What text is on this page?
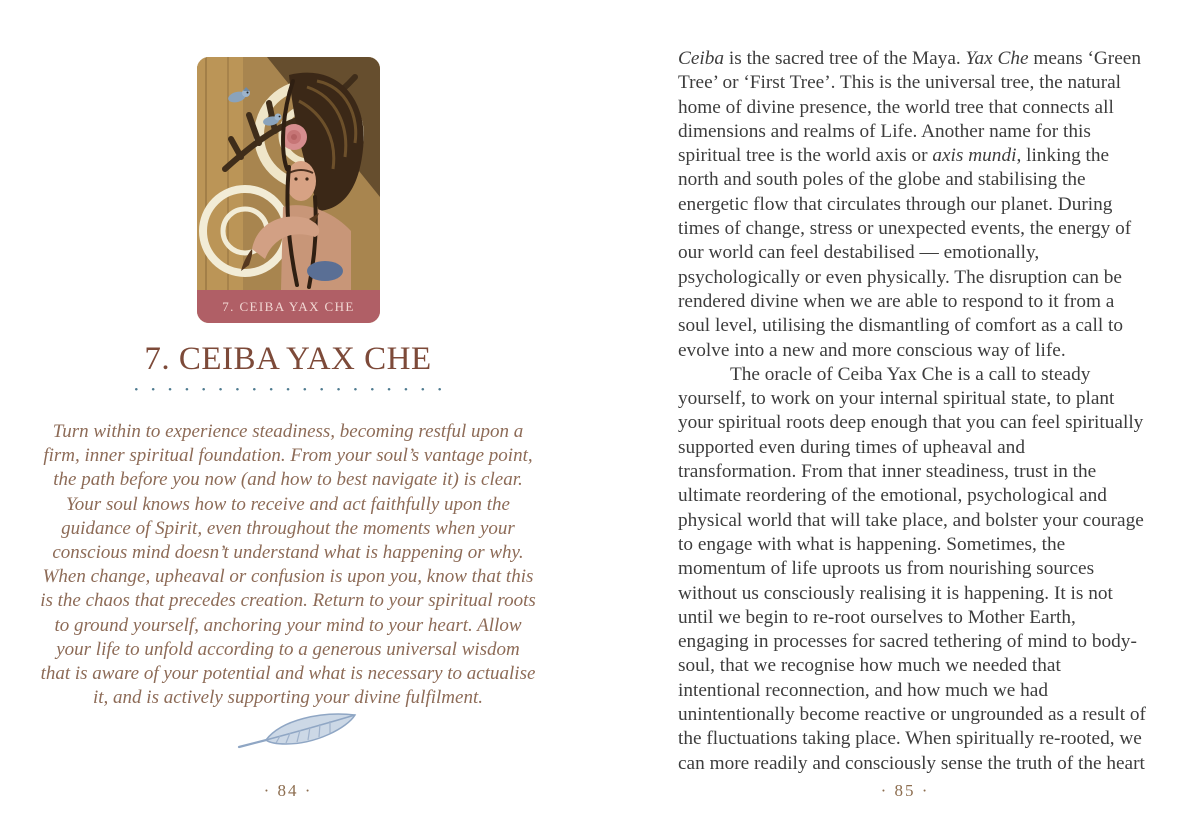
7. CEIBA YAX CHE
7. CEIBA YAX CHE
•••••••••••••••••••
Turn within to experience steadiness, becoming restful upon a firm, inner spiritual foundation. From your soul’s vantage point, the path before you now (and how to best navigate it) is clear. Your soul knows how to receive and act faithfully upon the guidance of Spirit, even throughout the moments when your conscious mind doesn’t understand what is happening or why. When change, upheaval or confusion is upon you, know that this is the chaos that precedes creation. Return to your spiritual roots to ground yourself, anchoring your mind to your heart. Allow your life to unfold according to a generous universal wisdom that is aware of your potential and what is necessary to actualise it, and is actively supporting your divine fulfilment.
· 84 ·

Ceiba is the sacred tree of the Maya. Yax Che means ‘Green Tree’ or ‘First Tree’. This is the universal tree, the natural home of divine presence, the world tree that connects all dimensions and realms of Life. Another name for this spiritual tree is the world axis or axis mundi, linking the north and south poles of the globe and stabilising the energetic flow that circulates through our planet. During times of change, stress or unexpected events, the energy of our world can feel destabilised — emotionally, psychologically or even physically. The disruption can be rendered divine when we are able to respond to it from a soul level, utilising the dismantling of comfort as a call to evolve into a new and more conscious way of life.

The oracle of Ceiba Yax Che is a call to steady yourself, to work on your internal spiritual state, to plant your spiritual roots deep enough that you can feel spiritually supported even during times of upheaval and transformation. From that inner steadiness, trust in the ultimate reordering of the emotional, psychological and physical world that will take place, and bolster your courage to engage with what is happening. Sometimes, the momentum of life uproots us from nourishing sources without us consciously realising it is happening. It is not until we begin to re-root ourselves to Mother Earth, engaging in processes for sacred tethering of mind to body-soul, that we recognise how much we needed that intentional reconnection, and how much we had unintentionally become reactive or ungrounded as a result of the fluctuations taking place. When spiritually re-rooted, we can more readily and consciously sense the truth of the heart

· 85 ·
